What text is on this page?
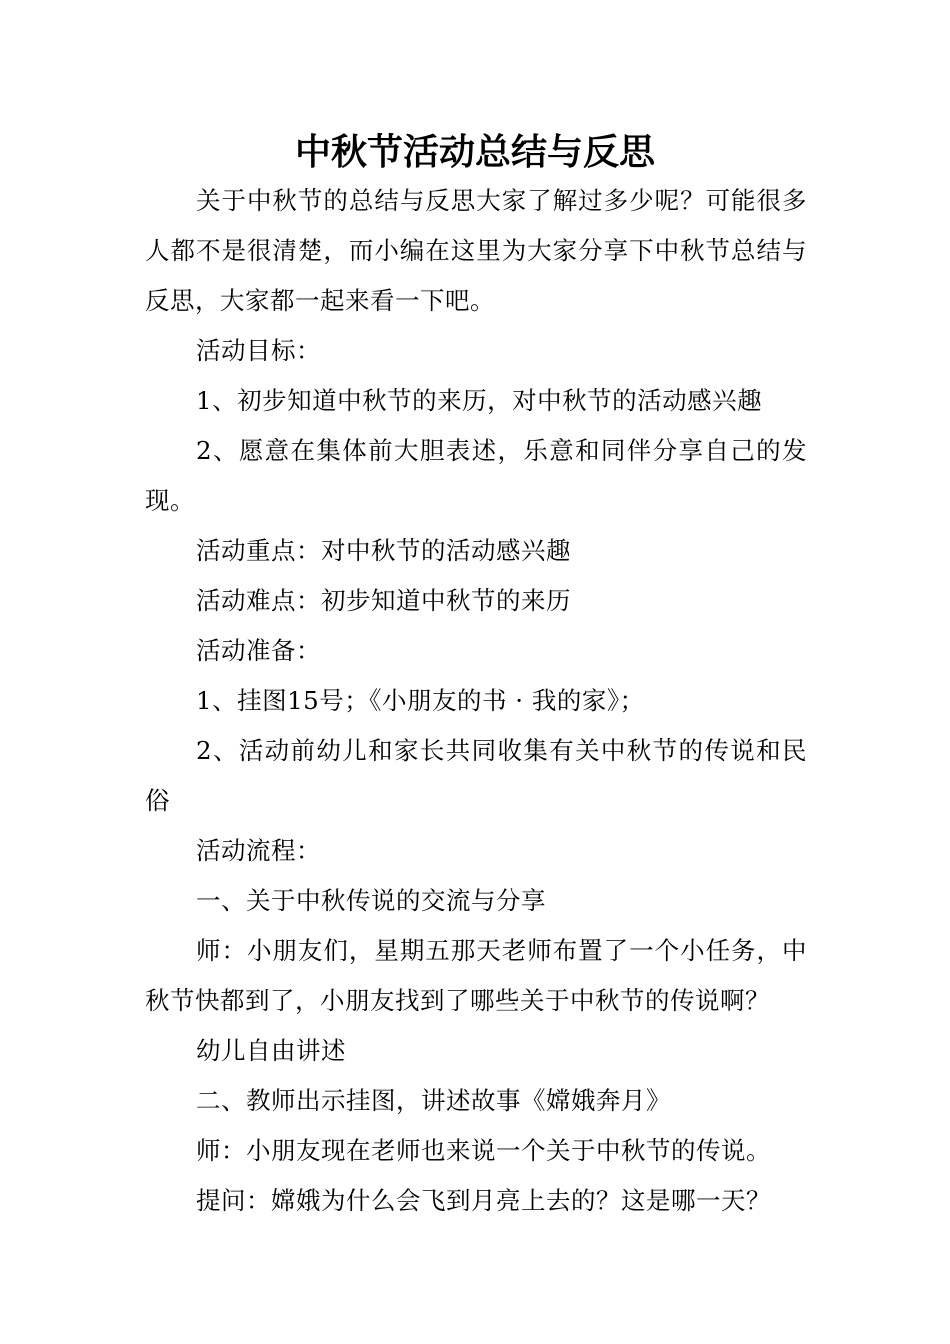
中秋节活动总结与反思

关于中秋节的总结与反思大家了解过多少呢？可能很多人都不是很清楚，而小编在这里为大家分享下中秋节总结与反思，大家都一起来看一下吧。

活动目标：

1、初步知道中秋节的来历，对中秋节的活动感兴趣

2、愿意在集体前大胆表述，乐意和同伴分享自己的发现。

活动重点：对中秋节的活动感兴趣

活动难点：初步知道中秋节的来历

活动准备：

1、挂图15号；《小朋友的书 · 我的家》；

2、活动前幼儿和家长共同收集有关中秋节的传说和民俗

活动流程：

一、关于中秋传说的交流与分享

师：小朋友们，星期五那天老师布置了一个小任务，中秋节快都到了，小朋友找到了哪些关于中秋节的传说啊？

幼儿自由讲述

二、教师出示挂图，讲述故事《嫦娥奔月》

师：小朋友现在老师也来说一个关于中秋节的传说。

提问：嫦娥为什么会飞到月亮上去的？这是哪一天？
